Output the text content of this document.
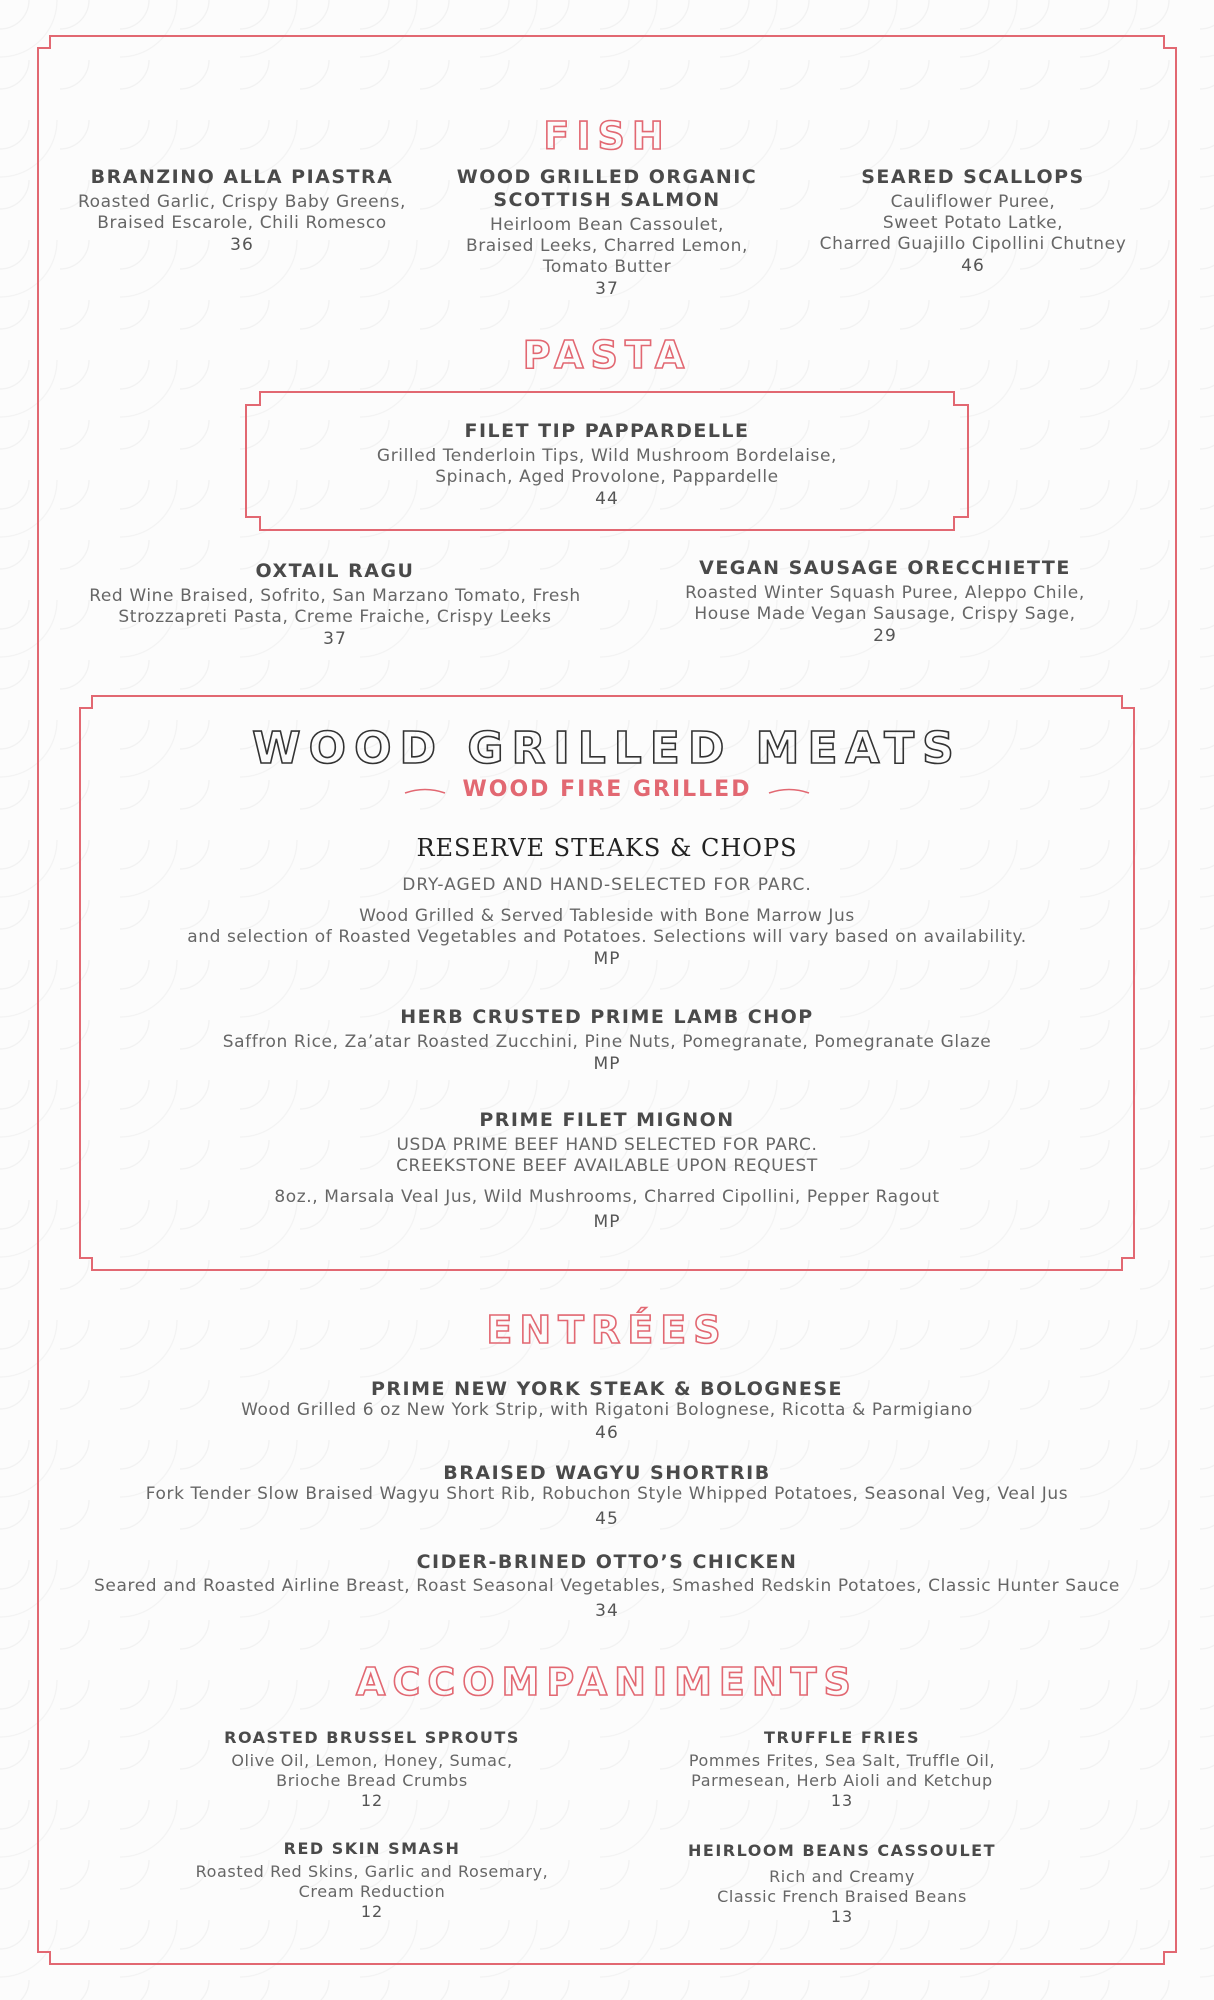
FISH
BRANZINO ALLA PIASTRA
Roasted Garlic, Crispy Baby Greens,
Braised Escarole, Chili Romesco
36
WOOD GRILLED ORGANIC
SCOTTISH SALMON
Heirloom Bean Cassoulet,
Braised Leeks, Charred Lemon,
Tomato Butter
37
SEARED SCALLOPS
Cauliflower Puree,
Sweet Potato Latke,
Charred Guajillo Cipollini Chutney
46
PASTA
FILET TIP PAPPARDELLE
Grilled Tenderloin Tips, Wild Mushroom Bordelaise,
Spinach, Aged Provolone, Pappardelle
44
OXTAIL RAGU
Red Wine Braised, Sofrito, San Marzano Tomato, Fresh
Strozzapreti Pasta, Creme Fraiche, Crispy Leeks
37
VEGAN SAUSAGE ORECCHIETTE
Roasted Winter Squash Puree, Aleppo Chile,
House Made Vegan Sausage, Crispy Sage,
29
WOOD GRILLED MEATS
WOOD FIRE GRILLED
RESERVE STEAKS & CHOPS
DRY-AGED AND HAND-SELECTED FOR PARC.
Wood Grilled & Served Tableside with Bone Marrow Jus
and selection of Roasted Vegetables and Potatoes. Selections will vary based on availability.
MP
HERB CRUSTED PRIME LAMB CHOP
Saffron Rice, Za’atar Roasted Zucchini, Pine Nuts, Pomegranate, Pomegranate Glaze
MP
PRIME FILET MIGNON
USDA PRIME BEEF HAND SELECTED FOR PARC.
CREEKSTONE BEEF AVAILABLE UPON REQUEST
8oz., Marsala Veal Jus, Wild Mushrooms, Charred Cipollini, Pepper Ragout
MP
ENTRÉES
PRIME NEW YORK STEAK & BOLOGNESE
Wood Grilled 6 oz New York Strip, with Rigatoni Bolognese, Ricotta & Parmigiano
46
BRAISED WAGYU SHORTRIB
Fork Tender Slow Braised Wagyu Short Rib, Robuchon Style Whipped Potatoes, Seasonal Veg, Veal Jus
45
CIDER-BRINED OTTO’S CHICKEN
Seared and Roasted Airline Breast, Roast Seasonal Vegetables, Smashed Redskin Potatoes, Classic Hunter Sauce
34
ACCOMPANIMENTS
ROASTED BRUSSEL SPROUTS
Olive Oil, Lemon, Honey, Sumac,
Brioche Bread Crumbs
12
TRUFFLE FRIES
Pommes Frites, Sea Salt, Truffle Oil,
Parmesean, Herb Aioli and Ketchup
13
RED SKIN SMASH
Roasted Red Skins, Garlic and Rosemary,
Cream Reduction
12
HEIRLOOM BEANS CASSOULET
Rich and Creamy
Classic French Braised Beans
13
